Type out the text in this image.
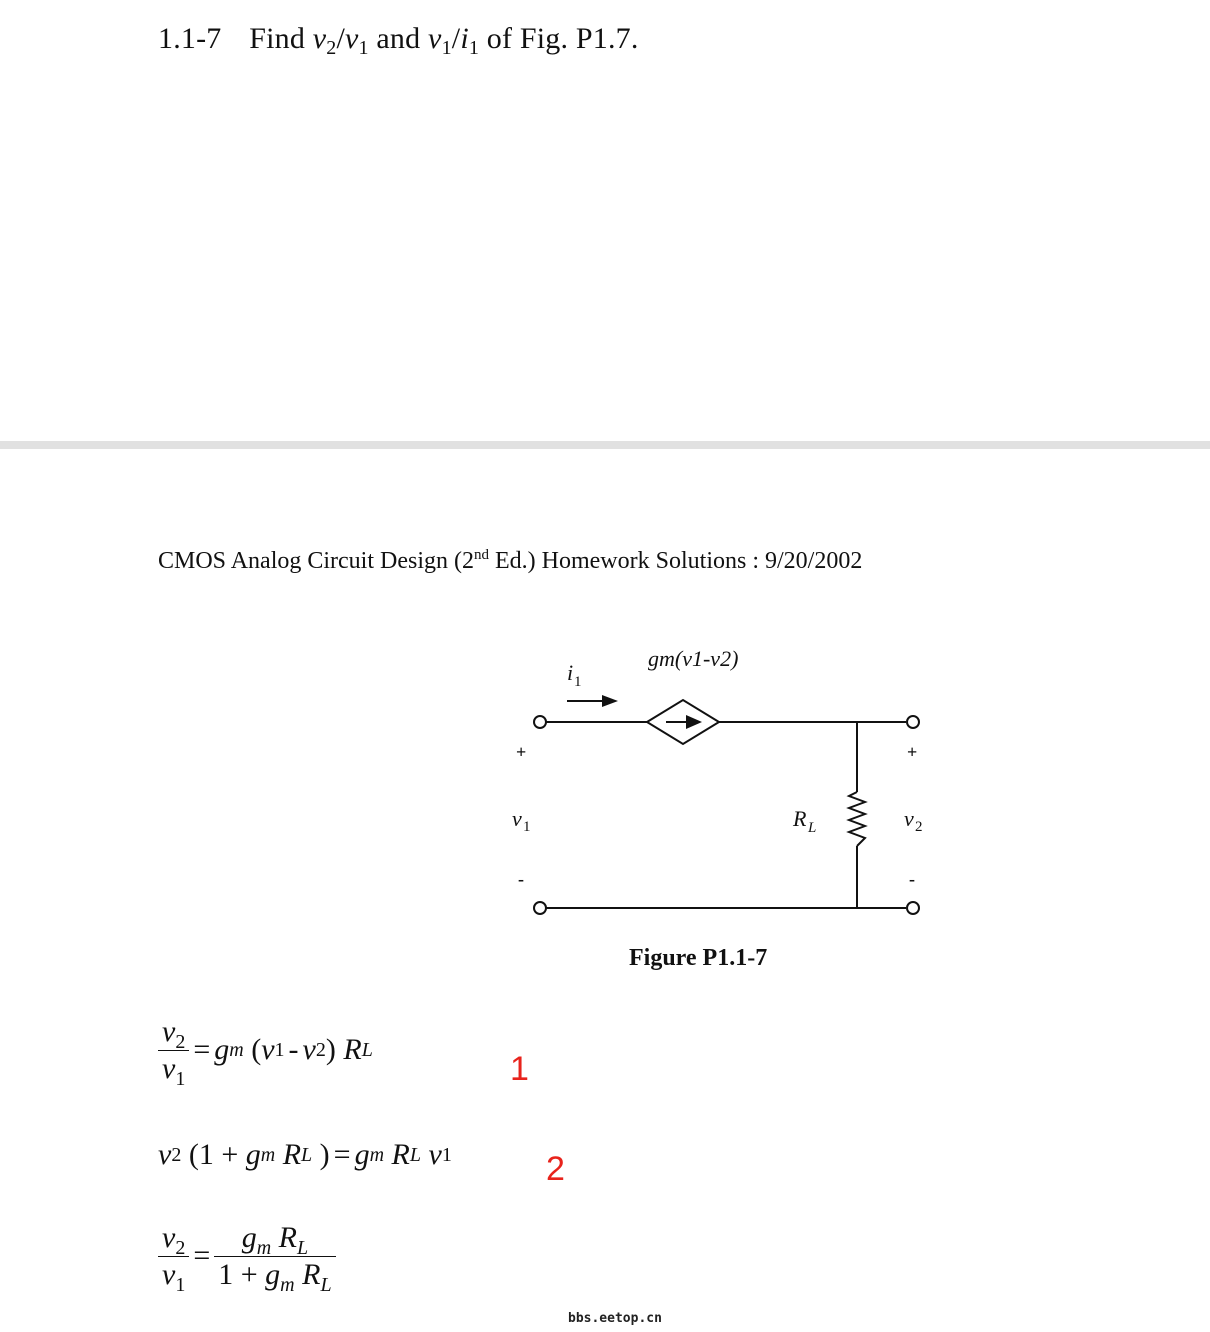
1.1-7 Find $v_2/v_1$ and $v_1/i_1$ of Fig. P1.7.
CMOS Analog Circuit Design (2nd Ed.) Homework Solutions : 9/20/2002
gm(v1-v2)
i 1
+
-
v 1
+
-
v 2
R L
Figure P1.1-7
$\frac{v_2}{v_1} = g$ m
( v 1 - v 2 )
R L	1
v 2
(1 +
g m
R L
) = g m
R L
v 1	2
$\frac{v_2}{v_1} = \frac{g_m R_L}{1 + g_m R_L}$
bbs.eetop.cn
